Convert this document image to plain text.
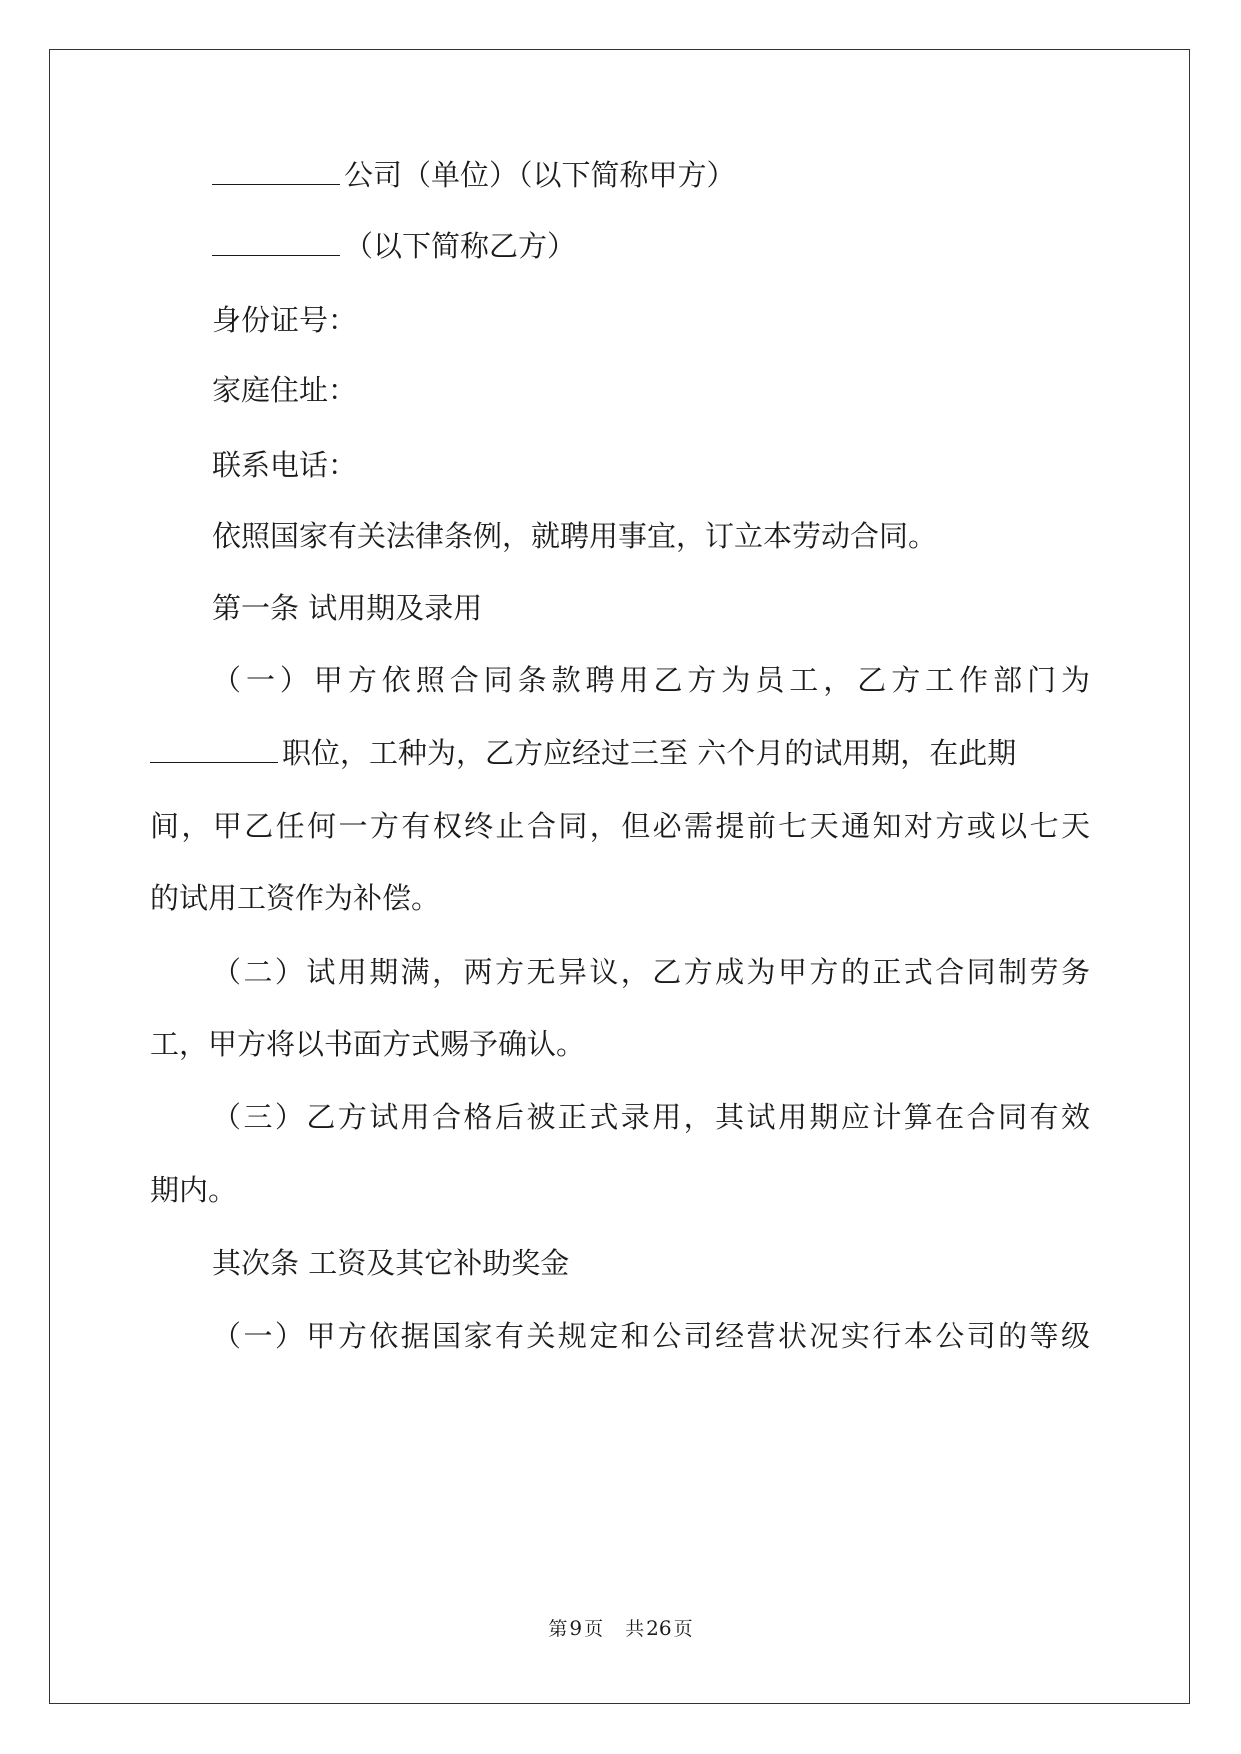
公司（单位）（以下简称甲方）
（以下简称乙方）
身份证号：
家庭住址：
联系电话：
依照国家有关法律条例，就聘用事宜，订立本劳动合同。
第一条 试用期及录用
（一）甲方依照合同条款聘用乙方为员工，乙方工作部门为
职位，工种为，乙方应经过三至 六个月的试用期，在此期
间，甲乙任何一方有权终止合同，但必需提前七天通知对方或以七天
的试用工资作为补偿。
（二）试用期满，两方无异议，乙方成为甲方的正式合同制劳务
工，甲方将以书面方式赐予确认。
（三）乙方试用合格后被正式录用，其试用期应计算在合同有效
期内。
其次条 工资及其它补助奖金
（一）甲方依据国家有关规定和公司经营状况实行本公司的等级
第 9 页 共 26 页
